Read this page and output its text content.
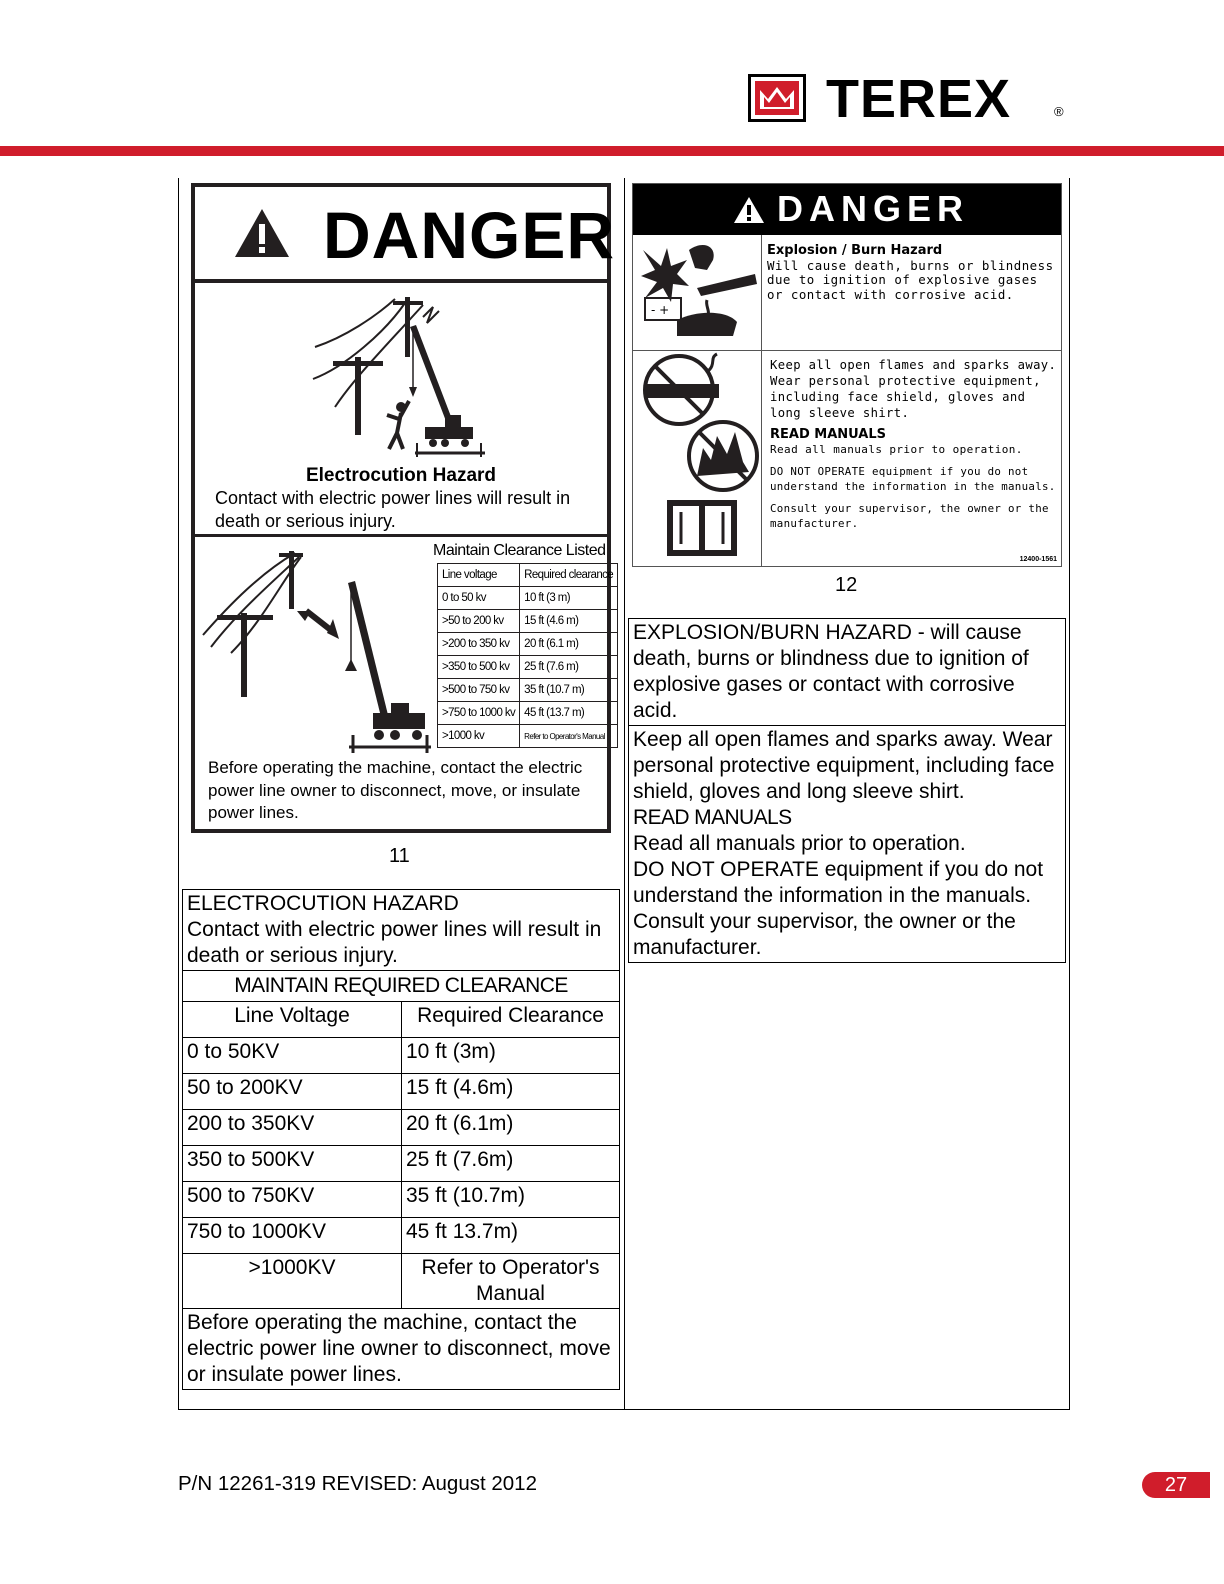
TEREX	®
DANGER
Electrocution Hazard
Contact with electric power lines will result in death or serious injury.
Maintain Clearance Listed
Line voltage	Required clearance
0 to 50 kv	10 ft (3 m)
>50 to 200 kv	15 ft (4.6 m)
>200 to 350 kv	20 ft (6.1 m)
>350 to 500 kv	25 ft (7.6 m)
>500 to 750 kv	35 ft (10.7 m)
>750 to 1000 kv	45 ft (13.7 m)
>1000 kv	Refer to Operator's Manual
Before operating the machine, contact the electric power line owner to disconnect, move, or insulate power lines.
11
ELECTROCUTION HAZARD
Contact with electric power lines will result in death or serious injury.	

MAINTAIN REQUIRED CLEARANCE	
Line Voltage	Required Clearance
0 to 50KV	10 ft (3m)
50 to 200KV	15 ft (4.6m)
200 to 350KV	20 ft (6.1m)
350 to 500KV	25 ft (7.6m)
500 to 750KV	35 ft (10.7m)
750 to 1000KV	45 ft 13.7m)
>1000KV	Refer to Operator's Manual
Before operating the machine, contact the electric power line owner to disconnect, move or insulate power lines.	
DANGER
- +
Explosion / Burn Hazard
Will cause death, burns or blindness due to ignition of explosive gases or contact with corrosive acid.
Keep all open flames and sparks away. Wear personal protective equipment, including face shield, gloves and long sleeve shirt.
READ MANUALS
Read all manuals prior to operation.
DO NOT OPERATE equipment if you do not understand the information in the manuals.
Consult your supervisor, the owner or the manufacturer.
12400-1561
12
EXPLOSION/BURN HAZARD - will cause death, burns or blindness due to ignition of explosive gases or contact with corrosive acid.

Keep all open flames and sparks away. Wear personal protective equipment, including face shield, gloves and long sleeve shirt.
READ MANUALS
Read all manuals prior to operation.
DO NOT OPERATE equipment if you do not understand the information in the manuals.
Consult your supervisor, the owner or the manufacturer.
P/N 12261-319 REVISED: August 2012	27
